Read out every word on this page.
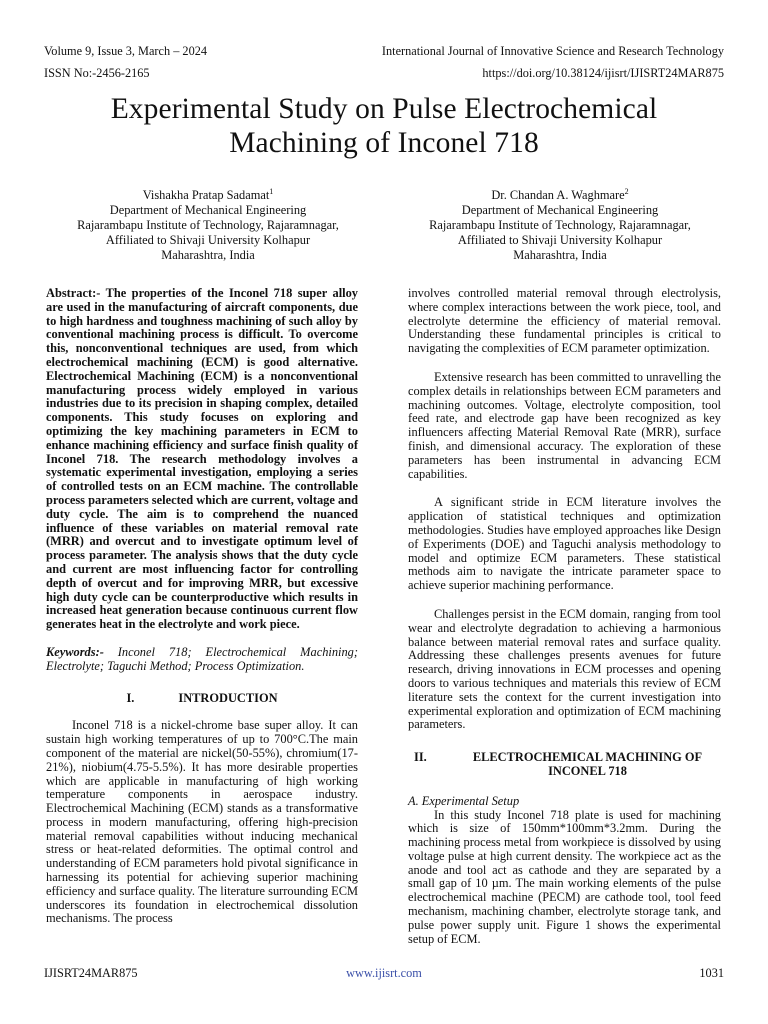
Volume 9, Issue 3, March – 2024
ISSN No:-2456-2165
International Journal of Innovative Science and Research Technology
https://doi.org/10.38124/ijisrt/IJISRT24MAR875
Experimental Study on Pulse Electrochemical
Machining of Inconel 718
Vishakha Pratap Sadamat$^1$
Department of Mechanical Engineering
Rajarambapu Institute of Technology, Rajaramnagar,
Affiliated to Shivaji University Kolhapur
Maharashtra, India
Dr. Chandan A. Waghmare$^2$
Department of Mechanical Engineering
Rajarambapu Institute of Technology, Rajaramnagar,
Affiliated to Shivaji University Kolhapur
Maharashtra, India

Abstract:- The properties of the Inconel 718 super alloy are used in the manufacturing of aircraft components, due to high hardness and toughness machining of such alloy by conventional machining process is difficult. To overcome this, nonconventional techniques are used, from which electrochemical machining (ECM) is good alternative. Electrochemical Machining (ECM) is a nonconventional manufacturing process widely employed in various industries due to its precision in shaping complex, detailed components. This study focuses on exploring and optimizing the key machining parameters in ECM to enhance machining efficiency and surface finish quality of Inconel 718. The research methodology involves a systematic experimental investigation, employing a series of controlled tests on an ECM machine. The controllable process parameters selected which are current, voltage and duty cycle. The aim is to comprehend the nuanced influence of these variables on material removal rate (MRR) and overcut and to investigate optimum level of process parameter. The analysis shows that the duty cycle and current are most influencing factor for controlling depth of overcut and for improving MRR, but excessive high duty cycle can be counterproductive which results in increased heat generation because continuous current flow generates heat in the electrolyte and work piece.

Keywords:- Inconel 718; Electrochemical Machining; Electrolyte; Taguchi Method; Process Optimization.

I.	INTRODUCTION

Inconel 718 is a nickel-chrome base super alloy. It can sustain high working temperatures of up to 700°C.The main component of the material are nickel(50-55%), chromium(17-21%), niobium(4.75-5.5%). It has more desirable properties which are applicable in manufacturing of high working temperature components in aerospace industry. Electrochemical Machining (ECM) stands as a transformative process in modern manufacturing, offering high-precision material removal capabilities without inducing mechanical stress or heat-related deformities. The optimal control and understanding of ECM parameters hold pivotal significance in harnessing its potential for achieving superior machining efficiency and surface quality. The literature surrounding ECM underscores its foundation in electrochemical dissolution mechanisms. The process

involves controlled material removal through electrolysis, where complex interactions between the work piece, tool, and electrolyte determine the efficiency of material removal. Understanding these fundamental principles is critical to navigating the complexities of ECM parameter optimization.

Extensive research has been committed to unravelling the complex details in relationships between ECM parameters and machining outcomes. Voltage, electrolyte composition, tool feed rate, and electrode gap have been recognized as key influencers affecting Material Removal Rate (MRR), surface finish, and dimensional accuracy. The exploration of these parameters has been instrumental in advancing ECM capabilities.

A significant stride in ECM literature involves the application of statistical techniques and optimization methodologies. Studies have employed approaches like Design of Experiments (DOE) and Taguchi analysis methodology to model and optimize ECM parameters. These statistical methods aim to navigate the intricate parameter space to achieve superior machining performance.

Challenges persist in the ECM domain, ranging from tool wear and electrolyte degradation to achieving a harmonious balance between material removal rates and surface quality. Addressing these challenges presents avenues for future research, driving innovations in ECM processes and opening doors to various techniques and materials this review of ECM literature sets the context for the current investigation into experimental exploration and optimization of ECM machining parameters.

II.	ELECTROCHEMICAL MACHINING OF
INCONEL 718

A. Experimental Setup

In this study Inconel 718 plate is used for machining which is size of 150mm*100mm*3.2mm. During the machining process metal from workpiece is dissolved by using voltage pulse at high current density. The workpiece act as the anode and tool act as cathode and they are separated by a small gap of 10 µm. The main working elements of the pulse electrochemical machine (PECM) are cathode tool, tool feed mechanism, machining chamber, electrolyte storage tank, and pulse power supply unit. Figure 1 shows the experimental setup of ECM.

IJISRT24MAR875	www.ijisrt.com	1031
